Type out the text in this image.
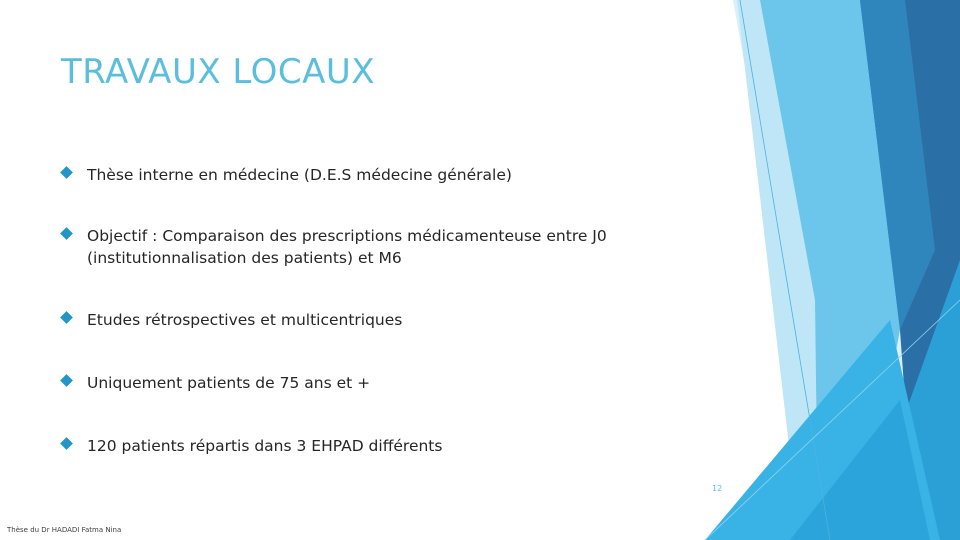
TRAVAUX LOCAUX
Thèse interne en médecine (D.E.S médecine générale)
Objectif : Comparaison des prescriptions médicamenteuse entre J0
(institutionnalisation des patients) et M6
Etudes rétrospectives et multicentriques
Uniquement patients de 75 ans et +
120 patients répartis dans 3 EHPAD différents
12
Thèse du Dr HADADI Fatma Nina
